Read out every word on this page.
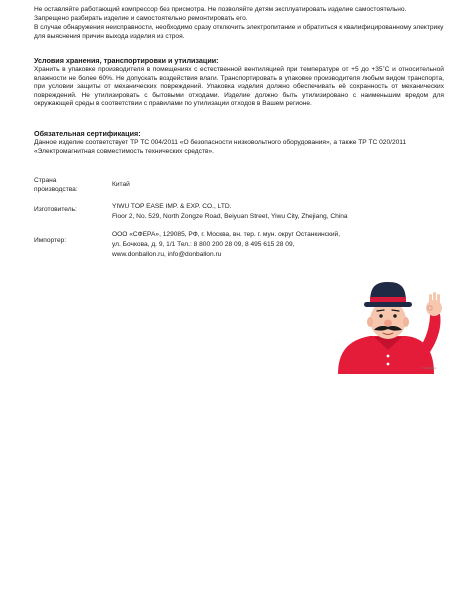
Не оставляйте работающий компрессор без присмотра. Не позволяйте детям эксплуатировать изделие самостоятельно.

Запрещено разбирать изделие и самостоятельно ремонтировать его.

В случае обнаружения неисправности, необходимо сразу отключить электропитание и обратиться к квалифицированному электрику для выяснения причин выхода изделия из строя.

Условия хранения, транспортировки и утилизации:

Хранить в упаковке производителя в помещениях с естественной вентиляцией при температуре от +5 до +35˚С и относительной влажности не более 60%. Не допускать воздействия влаги. Транспортировать в упаковке производителя любым видом транспорта, при условии защиты от механических повреждений. Упаковка изделия должно обеспечивать её сохранность от механических повреждений. Не утилизировать с бытовыми отходами. Изделие должно быть утилизировано с наименьшим вредом для окружающей среды в соответствии с правилами по утилизации отходов в Вашем регионе.

Обязательная сертификация:

Данное изделие соответствует ТР ТС 004/2011 «О безопасности низковольтного оборудования», а также ТР ТС 020/2011 «Электромагнитная совместимость технических средств».

Страна
производства:
Китай
Изготовитель:	YIWU TOP EASE IMP. & EXP. CO., LTD.
Floor 2, No. 529, North Zongze Road, Beiyuan Street, Yiwu City, Zhejiang, China
Импортер:
ООО «СФЕРА», 129085, РФ, г. Москва, вн. тер. г. мун. округ Останкинский,
ул. Бочкова, д. 9, 1/1 Тел.: 8 800 200 28 09, 8 495 615 28 09,
www.donballon.ru, info@donballon.ru
© Don Ballon
